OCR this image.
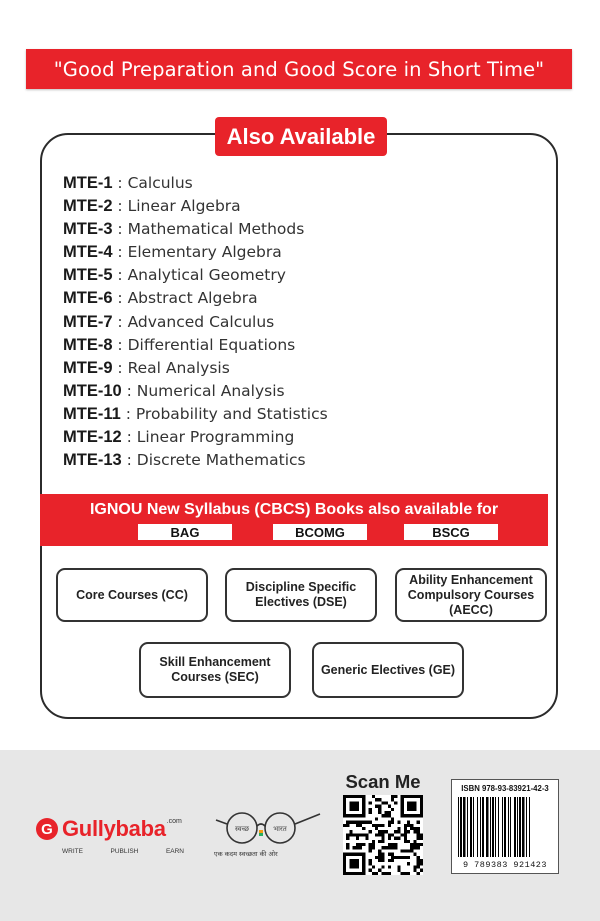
"Good Preparation and Good Score in Short Time"
Also Available
MTE-1 : Calculus
MTE-2 : Linear Algebra
MTE-3 : Mathematical Methods
MTE-4 : Elementary Algebra
MTE-5 : Analytical Geometry
MTE-6 : Abstract Algebra
MTE-7 : Advanced Calculus
MTE-8 : Differential Equations
MTE-9 : Real Analysis
MTE-10 : Numerical Analysis
MTE-11 : Probability and Statistics
MTE-12 : Linear Programming
MTE-13 : Discrete Mathematics
IGNOU New Syllabus (CBCS) Books also available for
BAG	BCOMG	BSCG
Core Courses (CC)
Discipline Specific Electives (DSE)
Ability Enhancement Compulsory Courses (AECC)
Skill Enhancement Courses (SEC)
Generic Electives (GE)
G Gullybaba .com
WRITE	PUBLISH	EARN
स्वच्छ	भारत
एक कदम स्वच्छता की ओर
Scan Me	ISBN 978-93-83921-42-3
9 789383 921423
